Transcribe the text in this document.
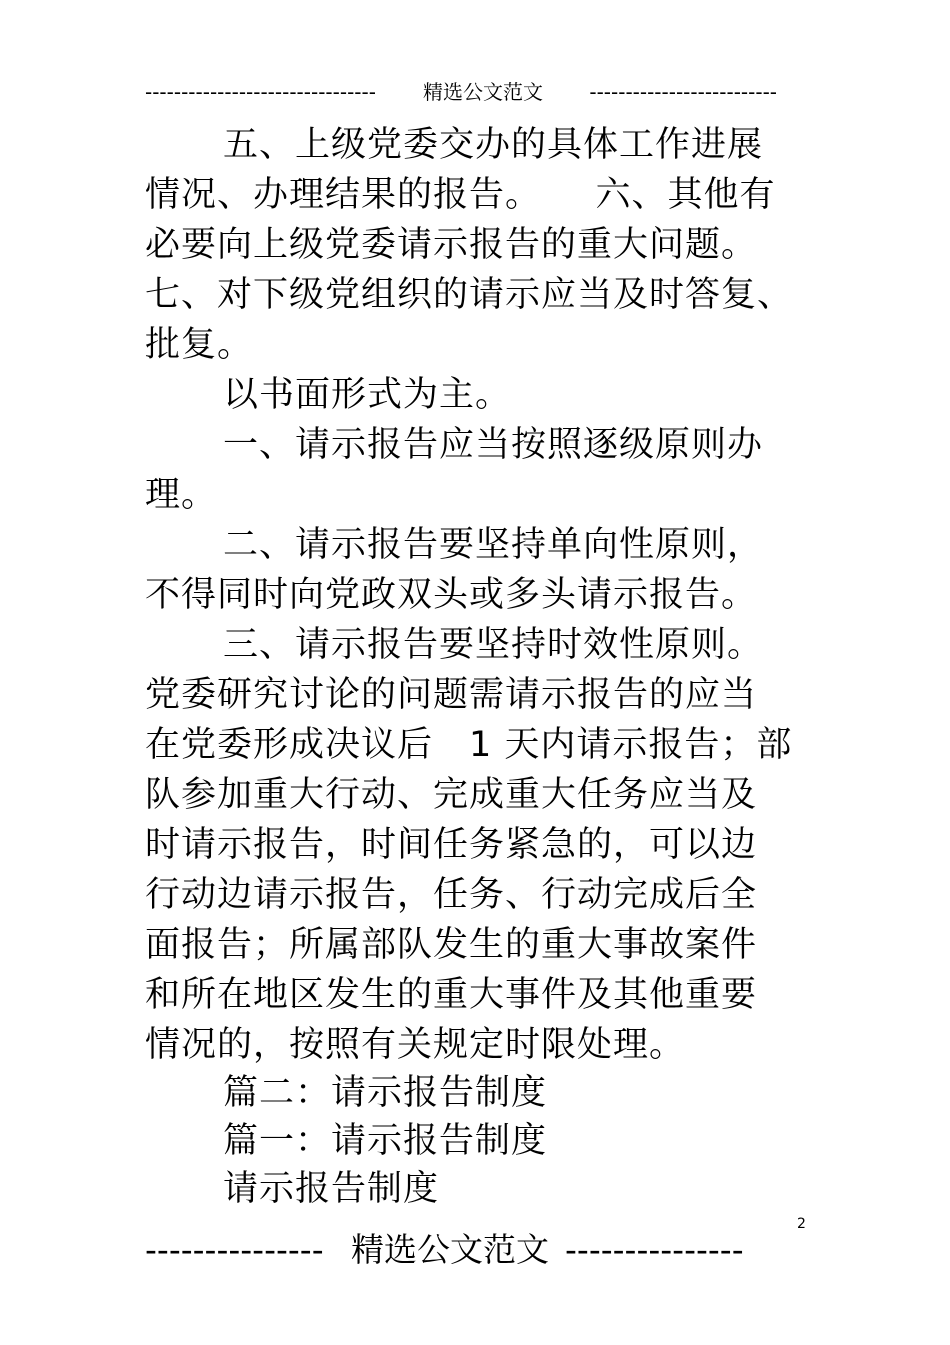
--------------------------------	精选公文范文	--------------------------
五、上级党委交办的具体工作进展
情况、办理结果的报告。　　六、其他有
必要向上级党委请示报告的重大问题。
七、对下级党组织的请示应当及时答复、
批复。
以书面形式为主。
一、请示报告应当按照逐级原则办
理。
二、请示报告要坚持单向性原则，
不得同时向党政双头或多头请示报告。
三、请示报告要坚持时效性原则。
党委研究讨论的问题需请示报告的应当
在党委形成决议后　1 天内请示报告；部
队参加重大行动、完成重大任务应当及
时请示报告，时间任务紧急的，可以边
行动边请示报告，任务、行动完成后全
面报告；所属部队发生的重大事故案件
和所在地区发生的重大事件及其他重要
情况的，按照有关规定时限处理。
篇二：请示报告制度
篇一：请示报告制度
请示报告制度
2
--------------- 精选公文范文 ---------------
